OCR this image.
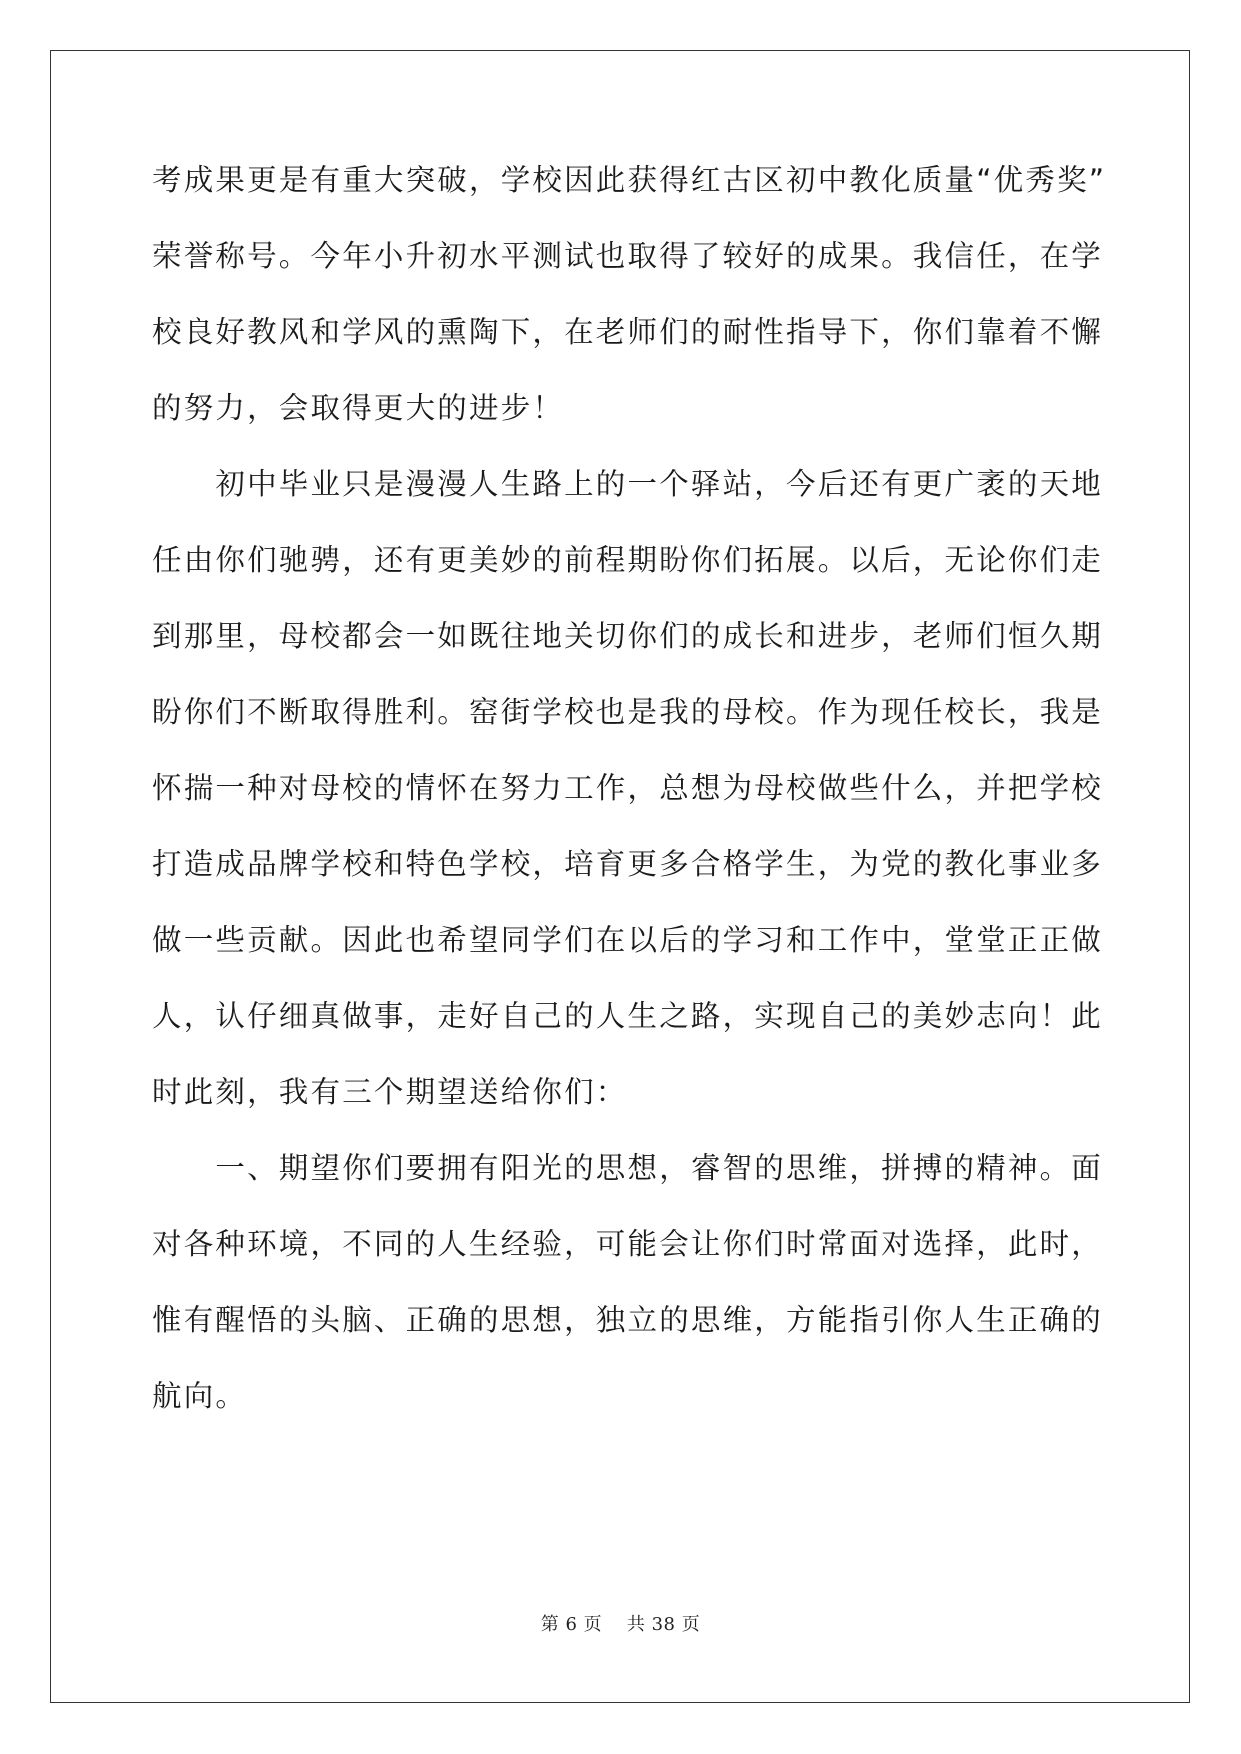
考成果更是有重大突破，学校因此获得红古区初中教化质量“优秀奖”
荣誉称号。今年小升初水平测试也取得了较好的成果。我信任，在学
校良好教风和学风的熏陶下，在老师们的耐性指导下，你们靠着不懈
的努力，会取得更大的进步！
　　初中毕业只是漫漫人生路上的一个驿站，今后还有更广袤的天地
任由你们驰骋，还有更美妙的前程期盼你们拓展。以后，无论你们走
到那里，母校都会一如既往地关切你们的成长和进步，老师们恒久期
盼你们不断取得胜利。窑街学校也是我的母校。作为现任校长，我是
怀揣一种对母校的情怀在努力工作，总想为母校做些什么，并把学校
打造成品牌学校和特色学校，培育更多合格学生，为党的教化事业多
做一些贡献。因此也希望同学们在以后的学习和工作中，堂堂正正做
人，认仔细真做事，走好自己的人生之路，实现自己的美妙志向！此
时此刻，我有三个期望送给你们：
　　一、期望你们要拥有阳光的思想，睿智的思维，拼搏的精神。面
对各种环境，不同的人生经验，可能会让你们时常面对选择，此时，
惟有醒悟的头脑、正确的思想，独立的思维，方能指引你人生正确的
航向。
第 6 页　 共 38 页
